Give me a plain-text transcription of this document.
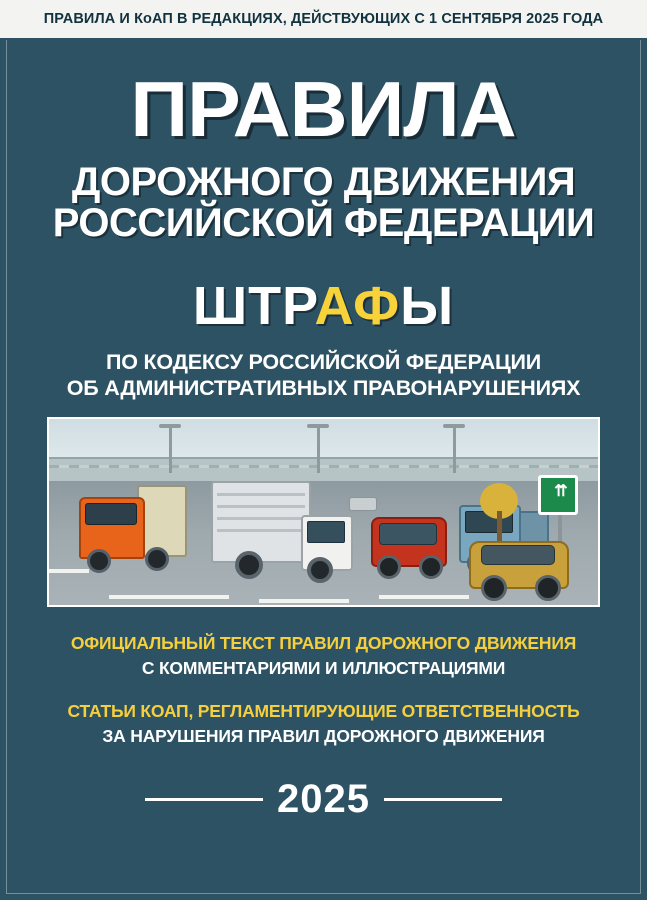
ПРАВИЛА И КоАП В РЕДАКЦИЯХ, ДЕЙСТВУЮЩИХ С 1 СЕНТЯБРЯ 2025 ГОДА
ПРАВИЛА
ДОРОЖНОГО ДВИЖЕНИЯ
РОССИЙСКОЙ ФЕДЕРАЦИИ
ШТРАФЫ
ПО КОДЕКСУ РОССИЙСКОЙ ФЕДЕРАЦИИ
ОБ АДМИНИСТРАТИВНЫХ ПРАВОНАРУШЕНИЯХ
⇈
ОФИЦИАЛЬНЫЙ ТЕКСТ ПРАВИЛ ДОРОЖНОГО ДВИЖЕНИЯ
С КОММЕНТАРИЯМИ И ИЛЛЮСТРАЦИЯМИ
СТАТЬИ КОАП, РЕГЛАМЕНТИРУЮЩИЕ ОТВЕТСТВЕННОСТЬ
ЗА НАРУШЕНИЯ ПРАВИЛ ДОРОЖНОГО ДВИЖЕНИЯ
2025
